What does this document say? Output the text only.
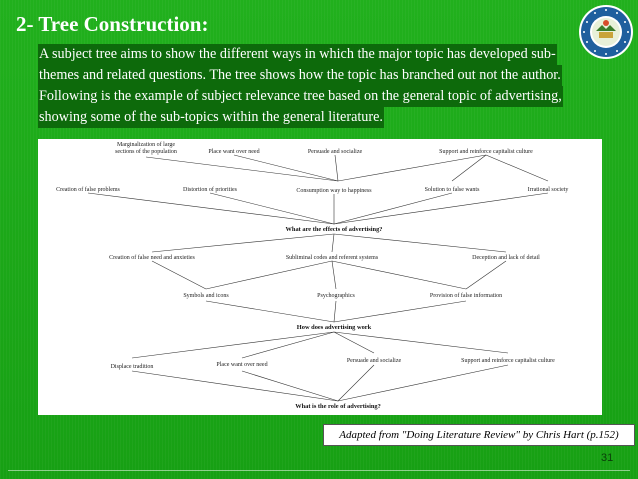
2- Tree Construction:
A subject tree aims to show the different ways in which the major topic has developed sub-
themes and related questions. The tree shows how the topic has branched out not the author.
Following is the example of subject relevance tree based on the general topic of advertising,
showing some of the sub-topics within the general literature.
Marginalization of large
sections of the population	Place want over need	Persuade and socialize	Support and reinforce capitalist culture
Creation of false problems	Distortion of priorities	Consumption way to happiness	Solution to false wants	Irrational society
What are the effects of advertising?
Creation of false need and anxieties	Subliminal codes and referent systems	Deception and lack of detail
Symbols and icons	Psychographics	Provision of false information
How does advertising work
Displace tradition	Place want over need
Persuade and socialize	Support and reinforce capitalist culture
What is the role of advertising?
Adapted from "Doing Literature Review" by Chris Hart (p.152)
31
